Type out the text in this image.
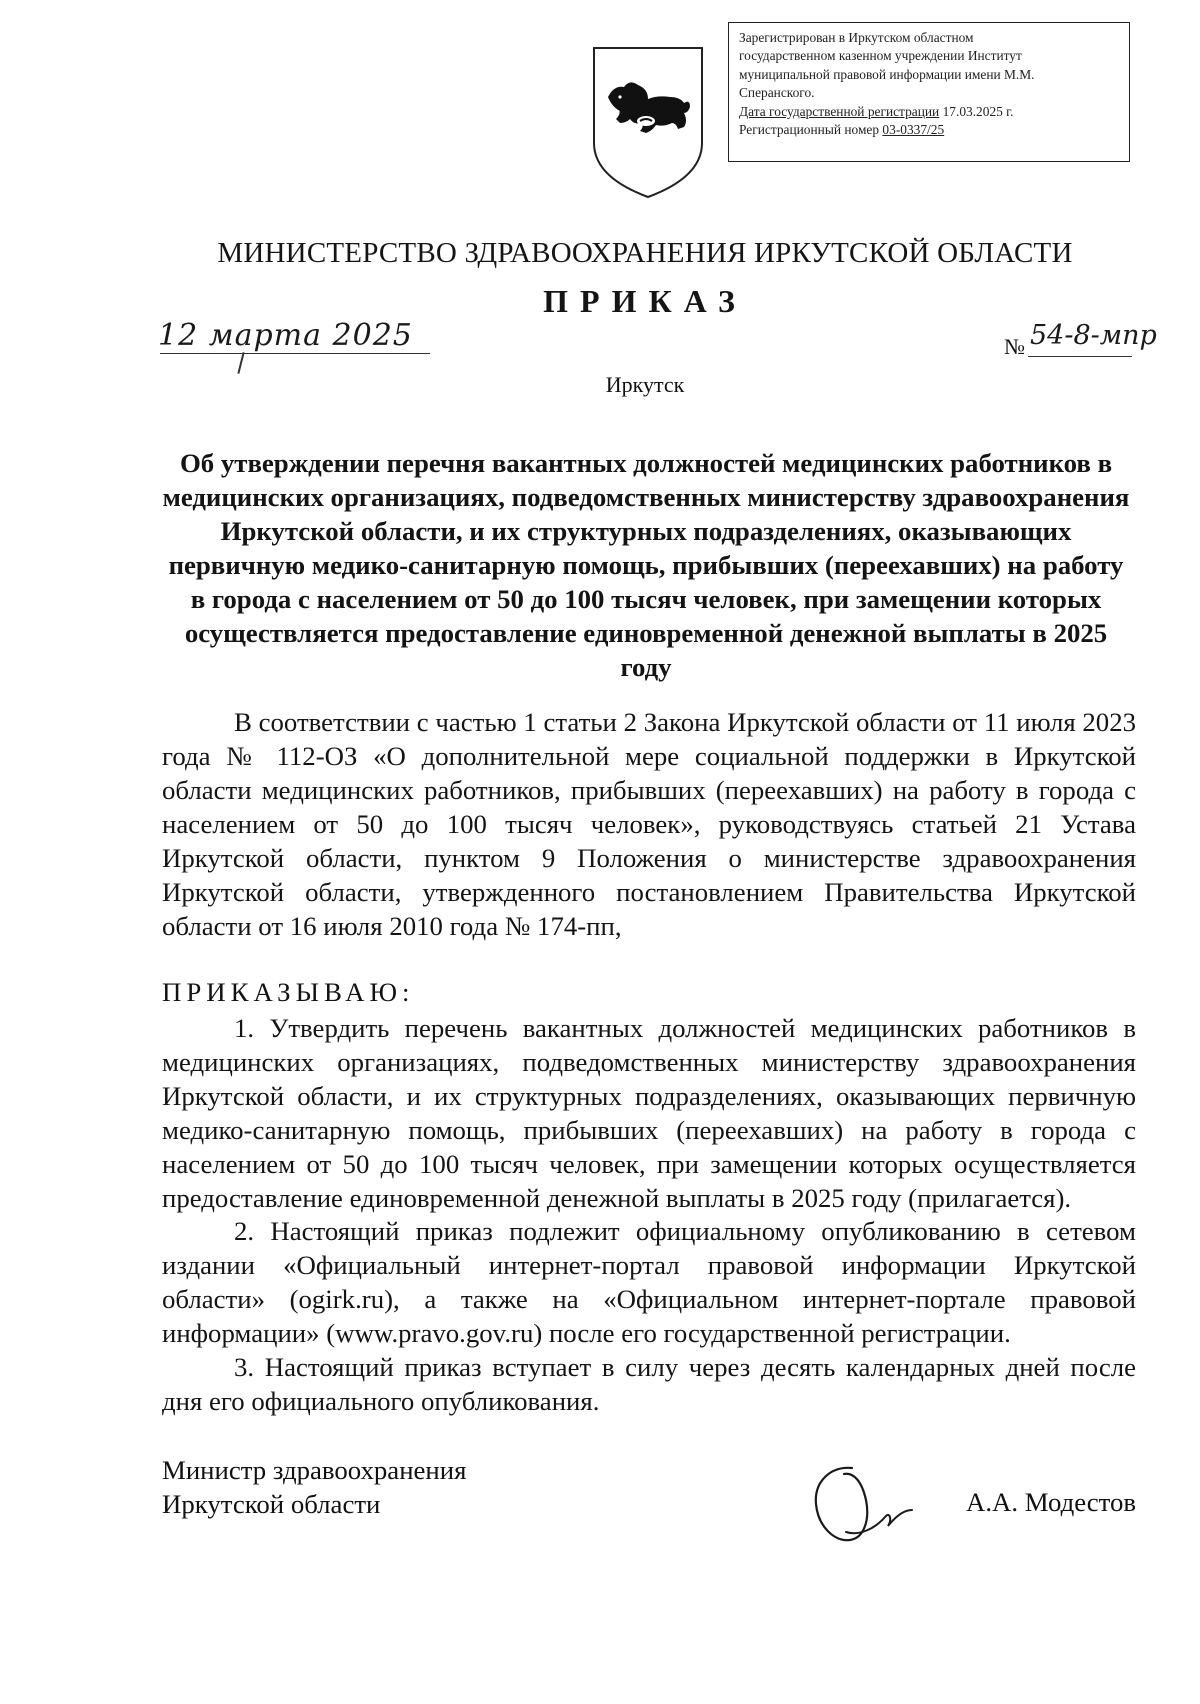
Зарегистрирован в Иркутском областном
государственном казенном учреждении Институт
муниципальной правовой информации имени М.М.
Сперанского.
Дата государственной регистрации 17.03.2025 г.
Регистрационный номер 03-0337/25
МИНИСТЕРСТВО ЗДРАВООХРАНЕНИЯ ИРКУТСКОЙ ОБЛАСТИ
ПРИКАЗ
12 марта 2025	№ 54-8-мпр
Иркутск
Об утверждении перечня вакантных должностей медицинских работников в медицинских организациях, подведомственных министерству здравоохранения Иркутской области, и их структурных подразделениях, оказывающих первичную медико-санитарную помощь, прибывших (переехавших) на работу в города с населением от 50 до 100 тысяч человек, при замещении которых осуществляется предоставление единовременной денежной выплаты в 2025 году
В соответствии с частью 1 статьи 2 Закона Иркутской области от 11 июля 2023 года № 112-ОЗ «О дополнительной мере социальной поддержки в Иркутской области медицинских работников, прибывших (переехавших) на работу в города с населением от 50 до 100 тысяч человек», руководствуясь статьей 21 Устава Иркутской области, пунктом 9 Положения о министерстве здравоохранения Иркутской области, утвержденного постановлением Правительства Иркутской области от 16 июля 2010 года № 174-пп,
ПРИКАЗЫВАЮ:
1. Утвердить перечень вакантных должностей медицинских работников в медицинских организациях, подведомственных министерству здравоохранения Иркутской области, и их структурных подразделениях, оказывающих первичную медико-санитарную помощь, прибывших (переехавших) на работу в города с населением от 50 до 100 тысяч человек, при замещении которых осуществляется предоставление единовременной денежной выплаты в 2025 году (прилагается).
2. Настоящий приказ подлежит официальному опубликованию в сетевом издании «Официальный интернет-портал правовой информации Иркутской области» (ogirk.ru), а также на «Официальном интернет-портале правовой информации» (www.pravo.gov.ru) после его государственной регистрации.
3. Настоящий приказ вступает в силу через десять календарных дней после дня его официального опубликования.
Министр здравоохранения
Иркутской области	А.А. Модестов
